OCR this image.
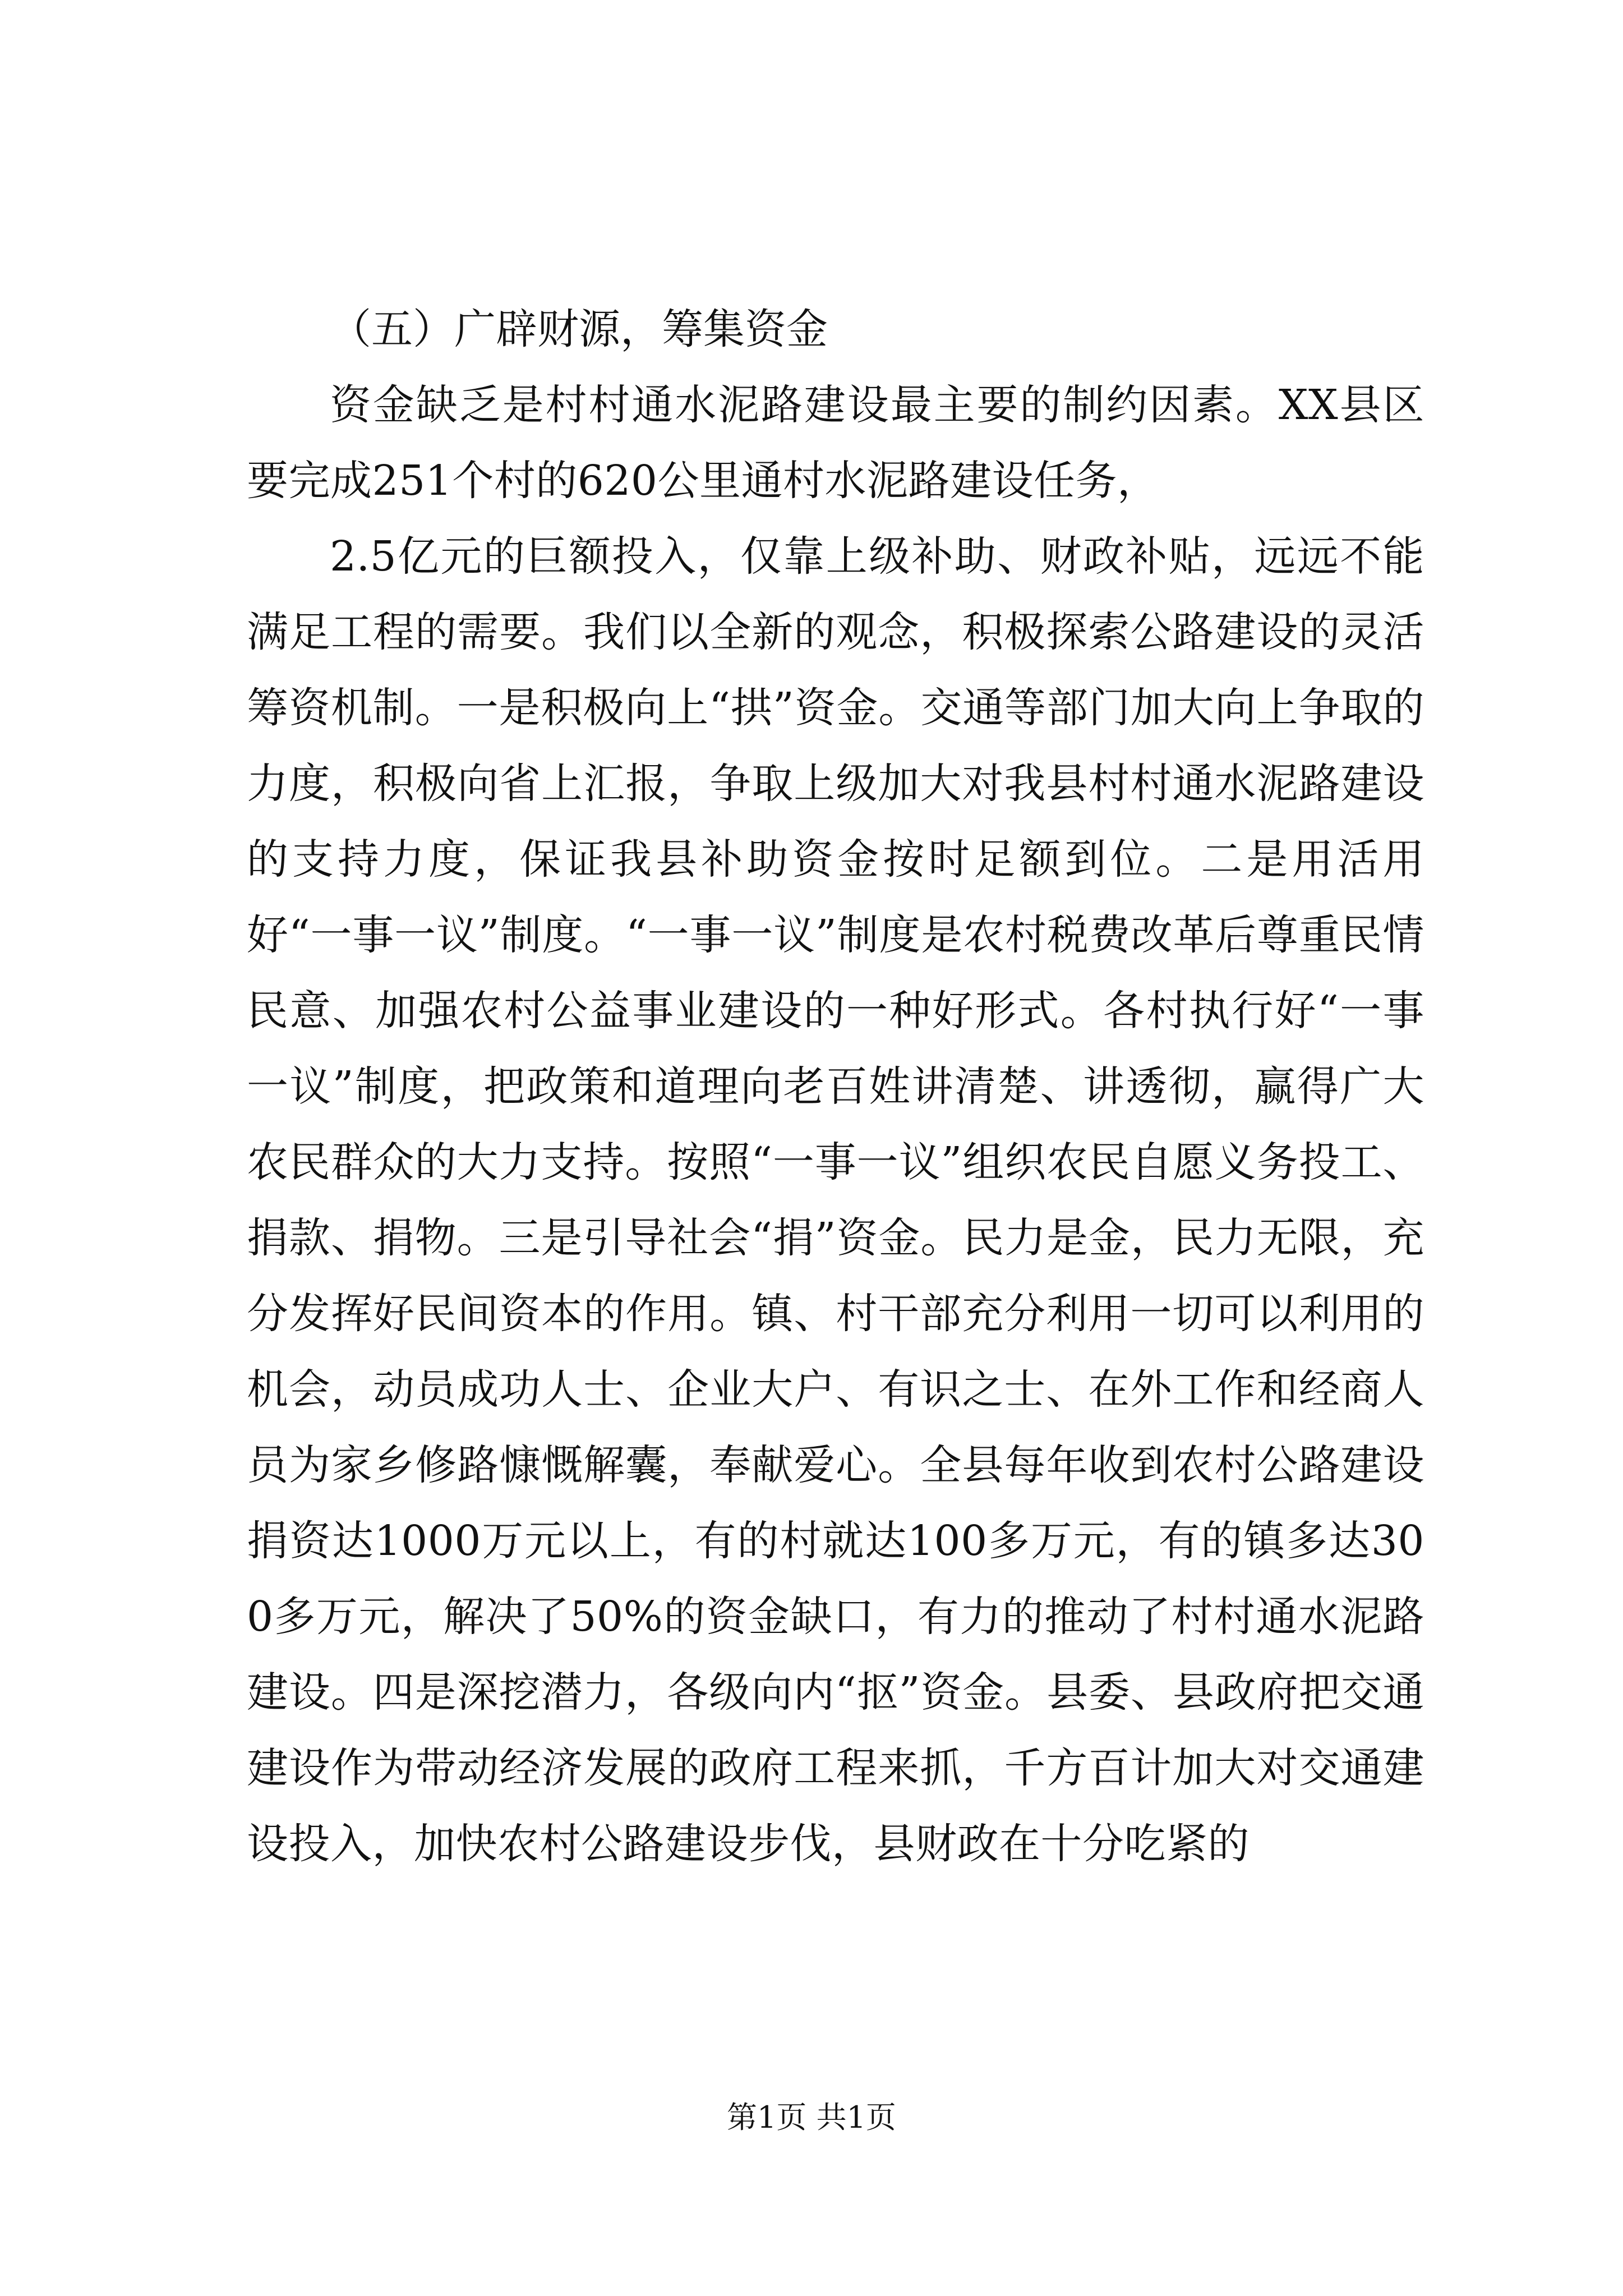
（五）广辟财源，筹集资金

资金缺乏是村村通水泥路建设最主要的制约因素。XX县区要完成251个村的620公里通村水泥路建设任务，

2.5亿元的巨额投入，仅靠上级补助、财政补贴，远远不能满足工程的需要。我们以全新的观念，积极探索公路建设的灵活筹资机制。一是积极向上“拱”资金。交通等部门加大向上争取的力度，积极向省上汇报，争取上级加大对我县村村通水泥路建设的支持力度，保证我县补助资金按时足额到位。二是用活用好“一事一议”制度。“一事一议”制度是农村税费改革后尊重民情民意、加强农村公益事业建设的一种好形式。各村执行好“一事一议”制度，把政策和道理向老百姓讲清楚、讲透彻，赢得广大农民群众的大力支持。按照“一事一议”组织农民自愿义务投工、捐款、捐物。三是引导社会“捐”资金。民力是金，民力无限，充分发挥好民间资本的作用。镇、村干部充分利用一切可以利用的机会，动员成功人士、企业大户、有识之士、在外工作和经商人员为家乡修路慷慨解囊，奉献爱心。全县每年收到农村公路建设捐资达1000万元以上，有的村就达100多万元，有的镇多达300多万元，解决了50%的资金缺口，有力的推动了村村通水泥路建设。四是深挖潜力，各级向内“抠”资金。县委、县政府把交通建设作为带动经济发展的政府工程来抓，千方百计加大对交通建设投入，加快农村公路建设步伐，县财政在十分吃紧的

第1页 共1页
